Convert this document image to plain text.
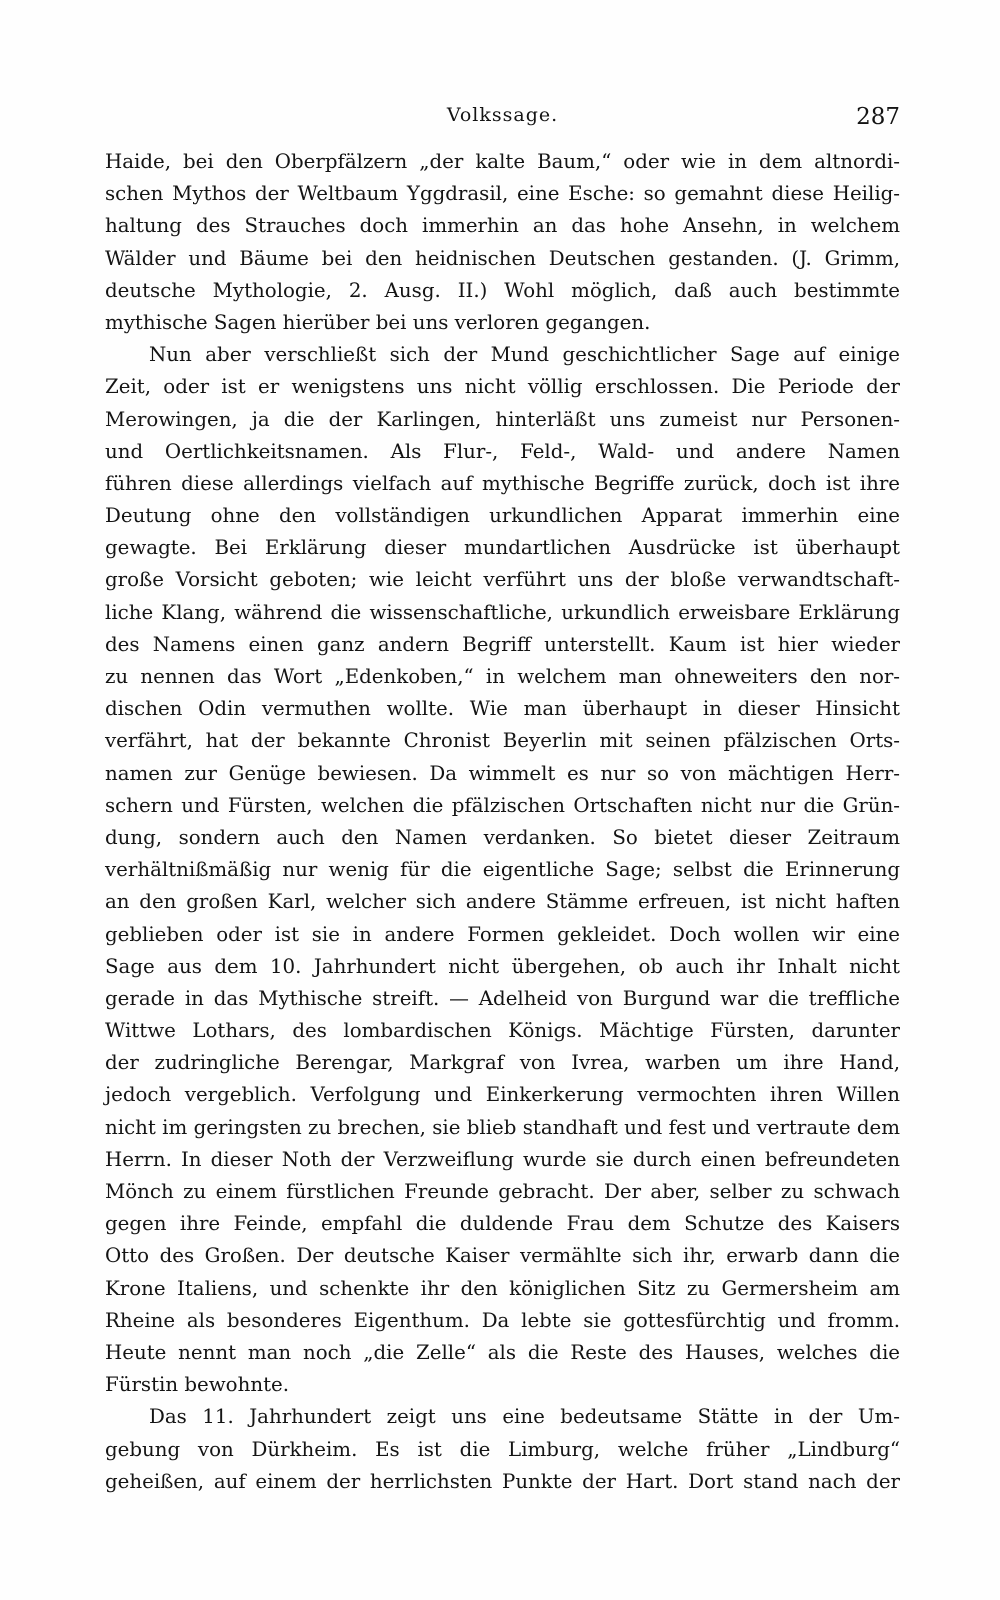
Volkssage.	287
Haide, bei den Oberpfälzern „der kalte Baum,“ oder wie in dem altnordi-
schen Mythos der Weltbaum Yggdrasil, eine Esche: so gemahnt diese Heilig-
haltung des Strauches doch immerhin an das hohe Ansehn, in welchem
Wälder und Bäume bei den heidnischen Deutschen gestanden. (J. Grimm,
deutsche Mythologie, 2. Ausg. II.) Wohl möglich, daß auch bestimmte
mythische Sagen hierüber bei uns verloren gegangen.
Nun aber verschließt sich der Mund geschichtlicher Sage auf einige
Zeit, oder ist er wenigstens uns nicht völlig erschlossen. Die Periode der
Merowingen, ja die der Karlingen, hinterläßt uns zumeist nur Personen-
und Oertlichkeitsnamen. Als Flur-, Feld-, Wald- und andere Namen
führen diese allerdings vielfach auf mythische Begriffe zurück, doch ist ihre
Deutung ohne den vollständigen urkundlichen Apparat immerhin eine
gewagte. Bei Erklärung dieser mundartlichen Ausdrücke ist überhaupt
große Vorsicht geboten; wie leicht verführt uns der bloße verwandtschaft-
liche Klang, während die wissenschaftliche, urkundlich erweisbare Erklärung
des Namens einen ganz andern Begriff unterstellt. Kaum ist hier wieder
zu nennen das Wort „Edenkoben,“ in welchem man ohneweiters den nor-
dischen Odin vermuthen wollte. Wie man überhaupt in dieser Hinsicht
verfährt, hat der bekannte Chronist Beyerlin mit seinen pfälzischen Orts-
namen zur Genüge bewiesen. Da wimmelt es nur so von mächtigen Herr-
schern und Fürsten, welchen die pfälzischen Ortschaften nicht nur die Grün-
dung, sondern auch den Namen verdanken. So bietet dieser Zeitraum
verhältnißmäßig nur wenig für die eigentliche Sage; selbst die Erinnerung
an den großen Karl, welcher sich andere Stämme erfreuen, ist nicht haften
geblieben oder ist sie in andere Formen gekleidet. Doch wollen wir eine
Sage aus dem 10. Jahrhundert nicht übergehen, ob auch ihr Inhalt nicht
gerade in das Mythische streift. — Adelheid von Burgund war die treffliche
Wittwe Lothars, des lombardischen Königs. Mächtige Fürsten, darunter
der zudringliche Berengar, Markgraf von Ivrea, warben um ihre Hand,
jedoch vergeblich. Verfolgung und Einkerkerung vermochten ihren Willen
nicht im geringsten zu brechen, sie blieb standhaft und fest und vertraute dem
Herrn. In dieser Noth der Verzweiflung wurde sie durch einen befreundeten
Mönch zu einem fürstlichen Freunde gebracht. Der aber, selber zu schwach
gegen ihre Feinde, empfahl die duldende Frau dem Schutze des Kaisers
Otto des Großen. Der deutsche Kaiser vermählte sich ihr, erwarb dann die
Krone Italiens, und schenkte ihr den königlichen Sitz zu Germersheim am
Rheine als besonderes Eigenthum. Da lebte sie gottesfürchtig und fromm.
Heute nennt man noch „die Zelle“ als die Reste des Hauses, welches die
Fürstin bewohnte.
Das 11. Jahrhundert zeigt uns eine bedeutsame Stätte in der Um-
gebung von Dürkheim. Es ist die Limburg, welche früher „Lindburg“
geheißen, auf einem der herrlichsten Punkte der Hart. Dort stand nach der
